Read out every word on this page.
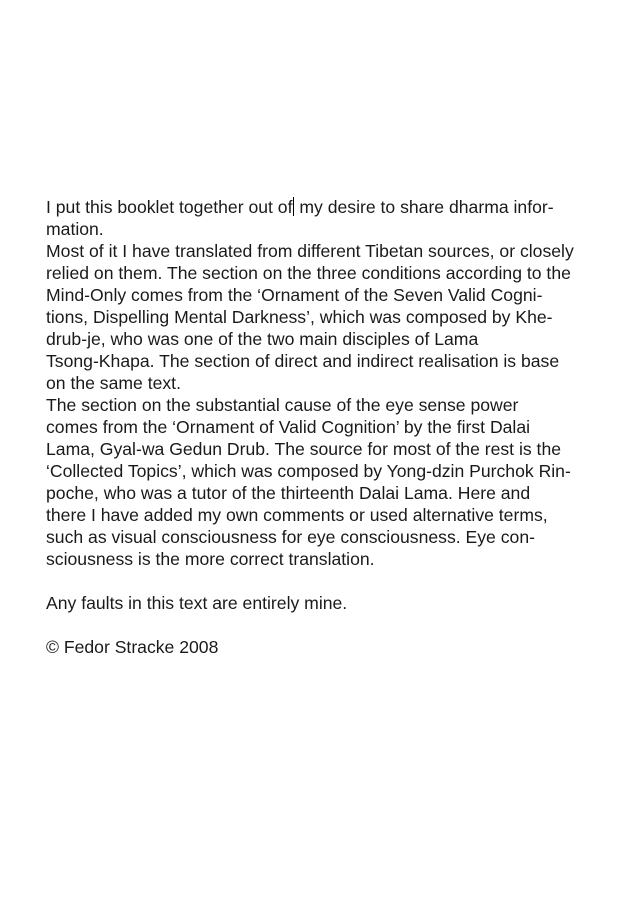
I put this booklet together out of my desire to share dharma infor-
mation.
Most of it I have translated from different Tibetan sources, or closely
relied on them. The section on the three conditions according to the
Mind-Only comes from the ‘Ornament of the Seven Valid Cogni-
tions, Dispelling Mental Darkness’, which was composed by Khe-
drub-je, who was one of the two main disciples of Lama
Tsong-Khapa. The section of direct and indirect realisation is base
on the same text.
The section on the substantial cause of the eye sense power
comes from the ‘Ornament of Valid Cognition’ by the first Dalai
Lama, Gyal-wa Gedun Drub. The source for most of the rest is the
‘Collected Topics’, which was composed by Yong-dzin Purchok Rin-
poche, who was a tutor of the thirteenth Dalai Lama. Here and
there I have added my own comments or used alternative terms,
such as visual consciousness for eye consciousness. Eye con-
sciousness is the more correct translation.
Any faults in this text are entirely mine.
© Fedor Stracke 2008
